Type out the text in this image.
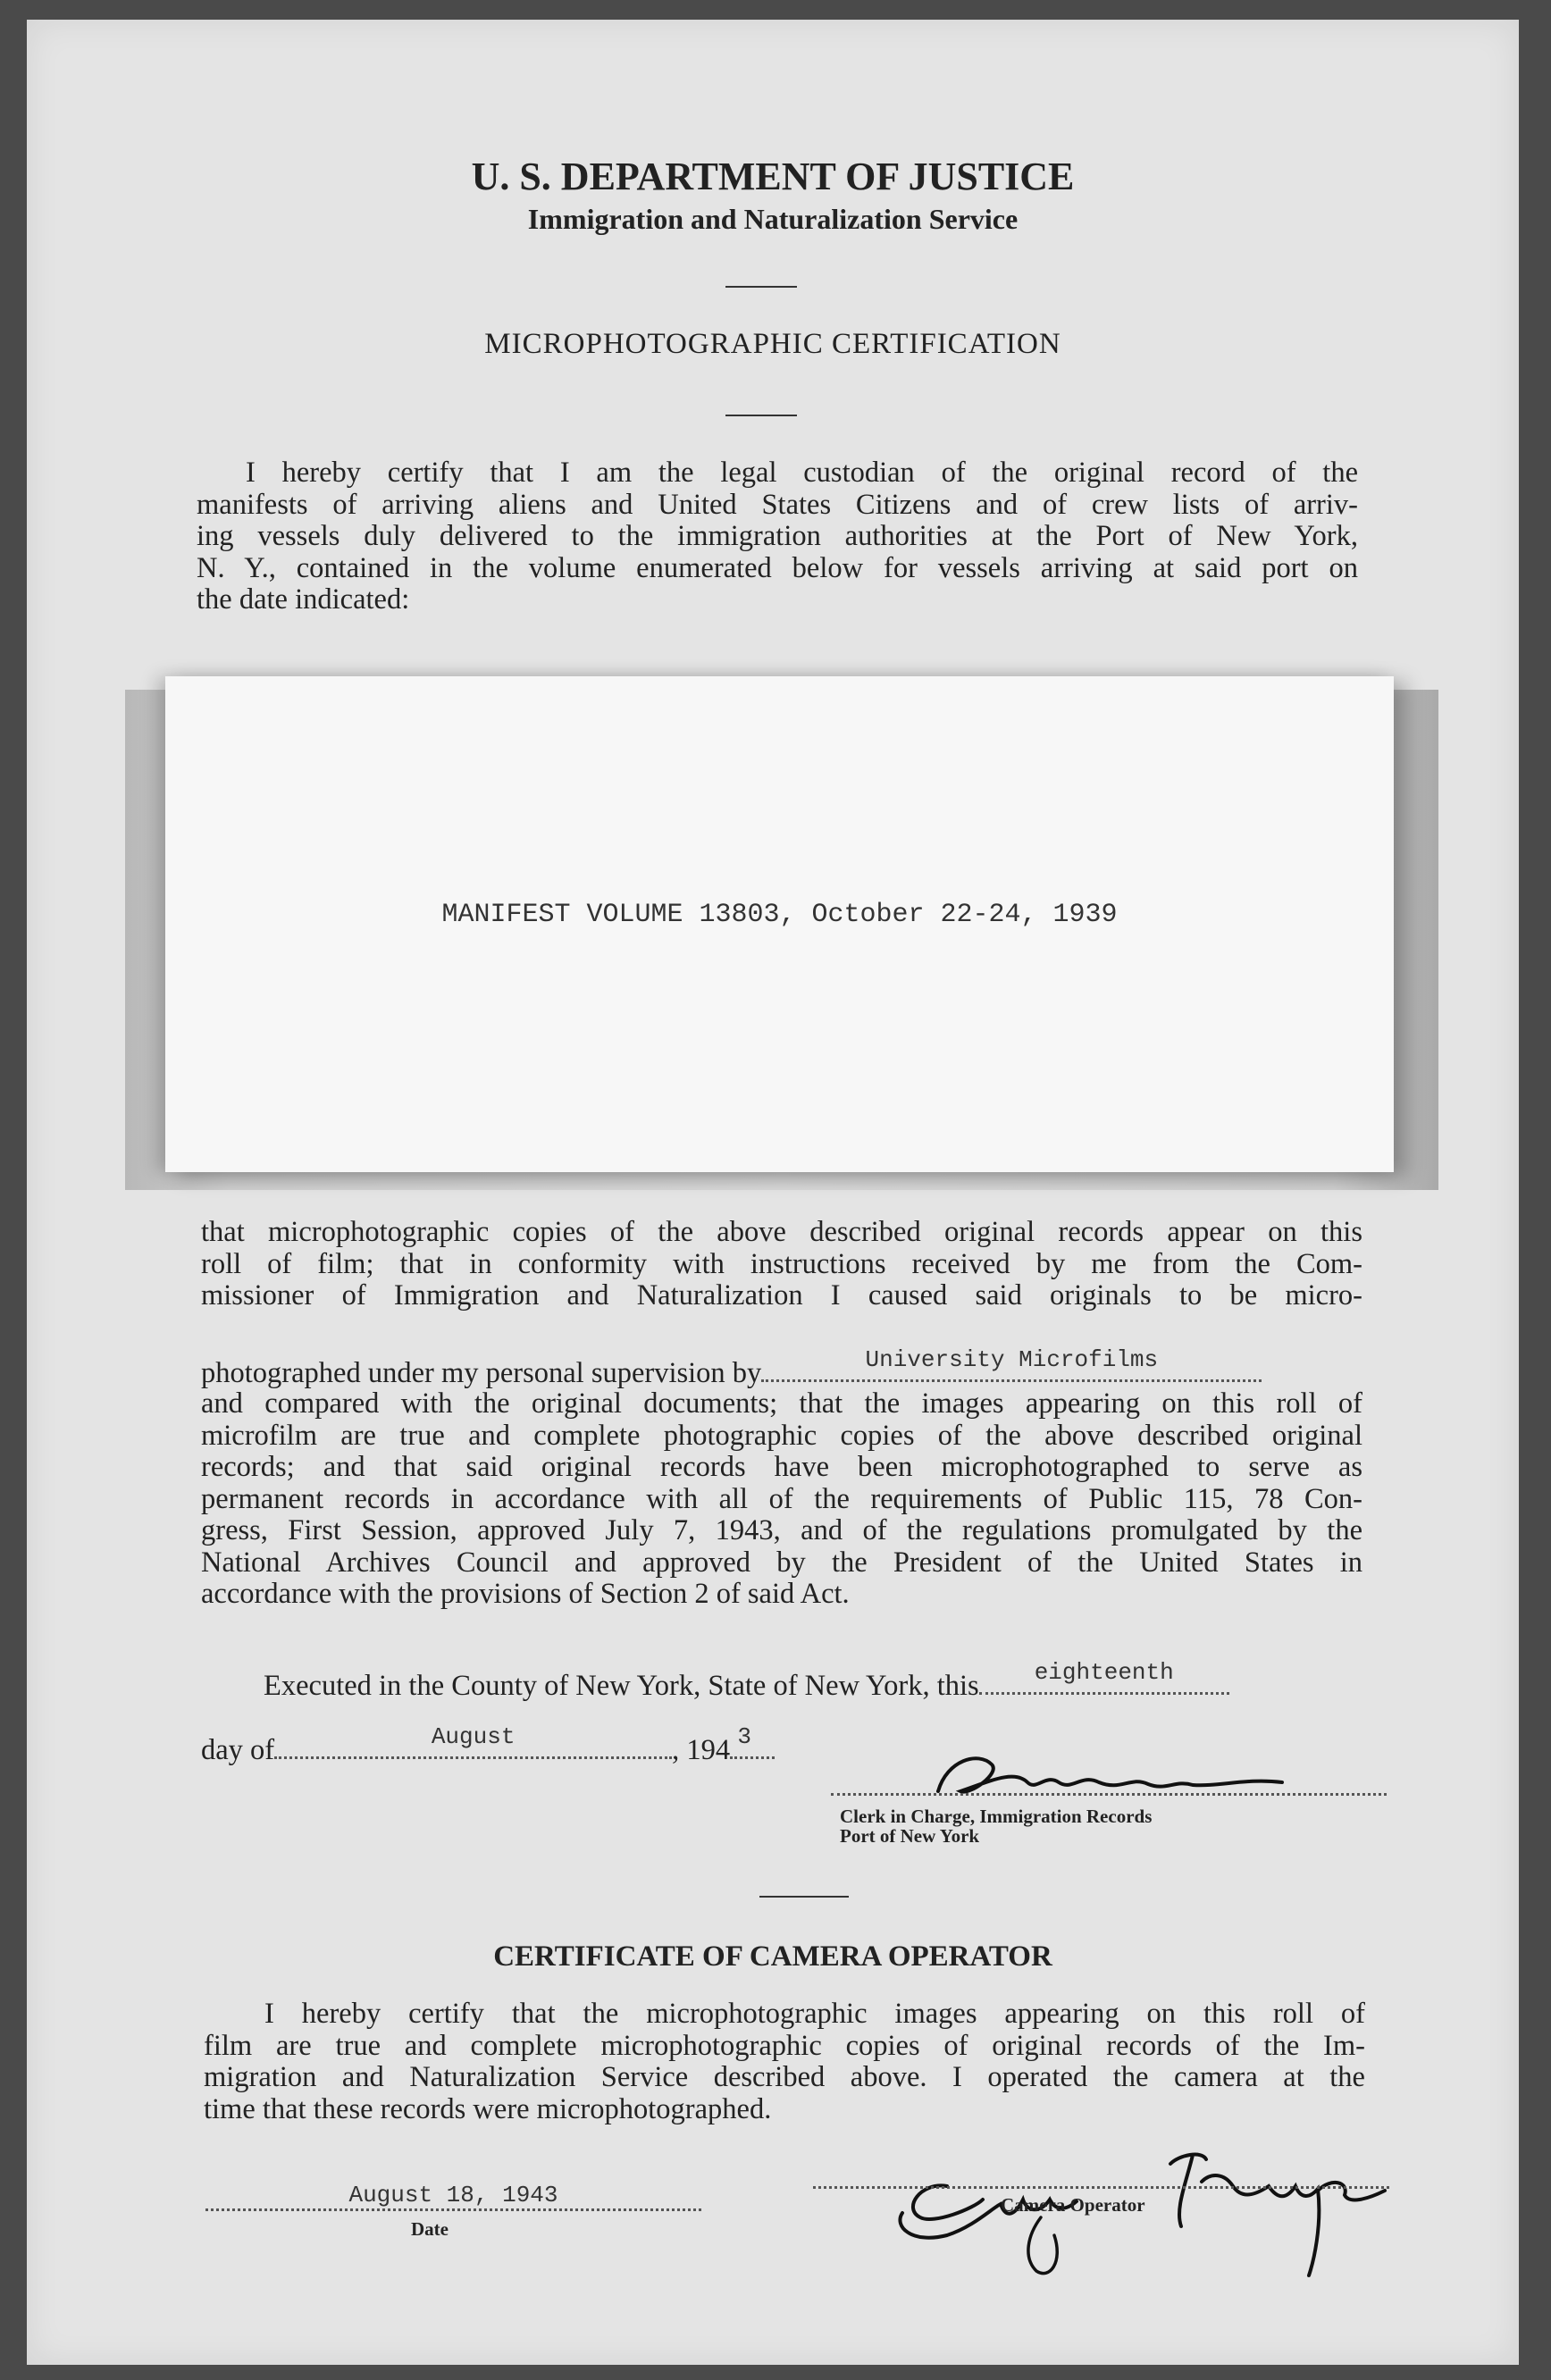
U. S. DEPARTMENT OF JUSTICE
Immigration and Naturalization Service
MICROPHOTOGRAPHIC CERTIFICATION
I hereby certify that I am the legal custodian of the original record of the
manifests of arriving aliens and United States Citizens and of crew lists of arriv-
ing vessels duly delivered to the immigration authorities at the Port of New York,
N. Y., contained in the volume enumerated below for vessels arriving at said port on
the date indicated:
MANIFEST VOLUME 13803, October 22-24, 1939
that microphotographic copies of the above described original records appear on this
roll of film; that in conformity with instructions received by me from the Com-
missioner of Immigration and Naturalization I caused said originals to be micro-
photographed under my personal supervision by	University Microfilms
and compared with the original documents; that the images appearing on this roll of
microfilm are true and complete photographic copies of the above described original
records; and that said original records have been microphotographed to serve as
permanent records in accordance with all of the requirements of Public 115, 78 Con-
gress, First Session, approved July 7, 1943, and of the regulations promulgated by the
National Archives Council and approved by the President of the United States in
accordance with the provisions of Section 2 of said Act.
Executed in the County of New York, State of New York, this	eighteenth
day of	August	, 194 3
Clerk in Charge, Immigration Records
Port of New York
CERTIFICATE OF CAMERA OPERATOR
I hereby certify that the microphotographic images appearing on this roll of
film are true and complete microphotographic copies of original records of the Im-
migration and Naturalization Service described above. I operated the camera at the
time that these records were microphotographed.
August 18, 1943
Date
Camera Operator
